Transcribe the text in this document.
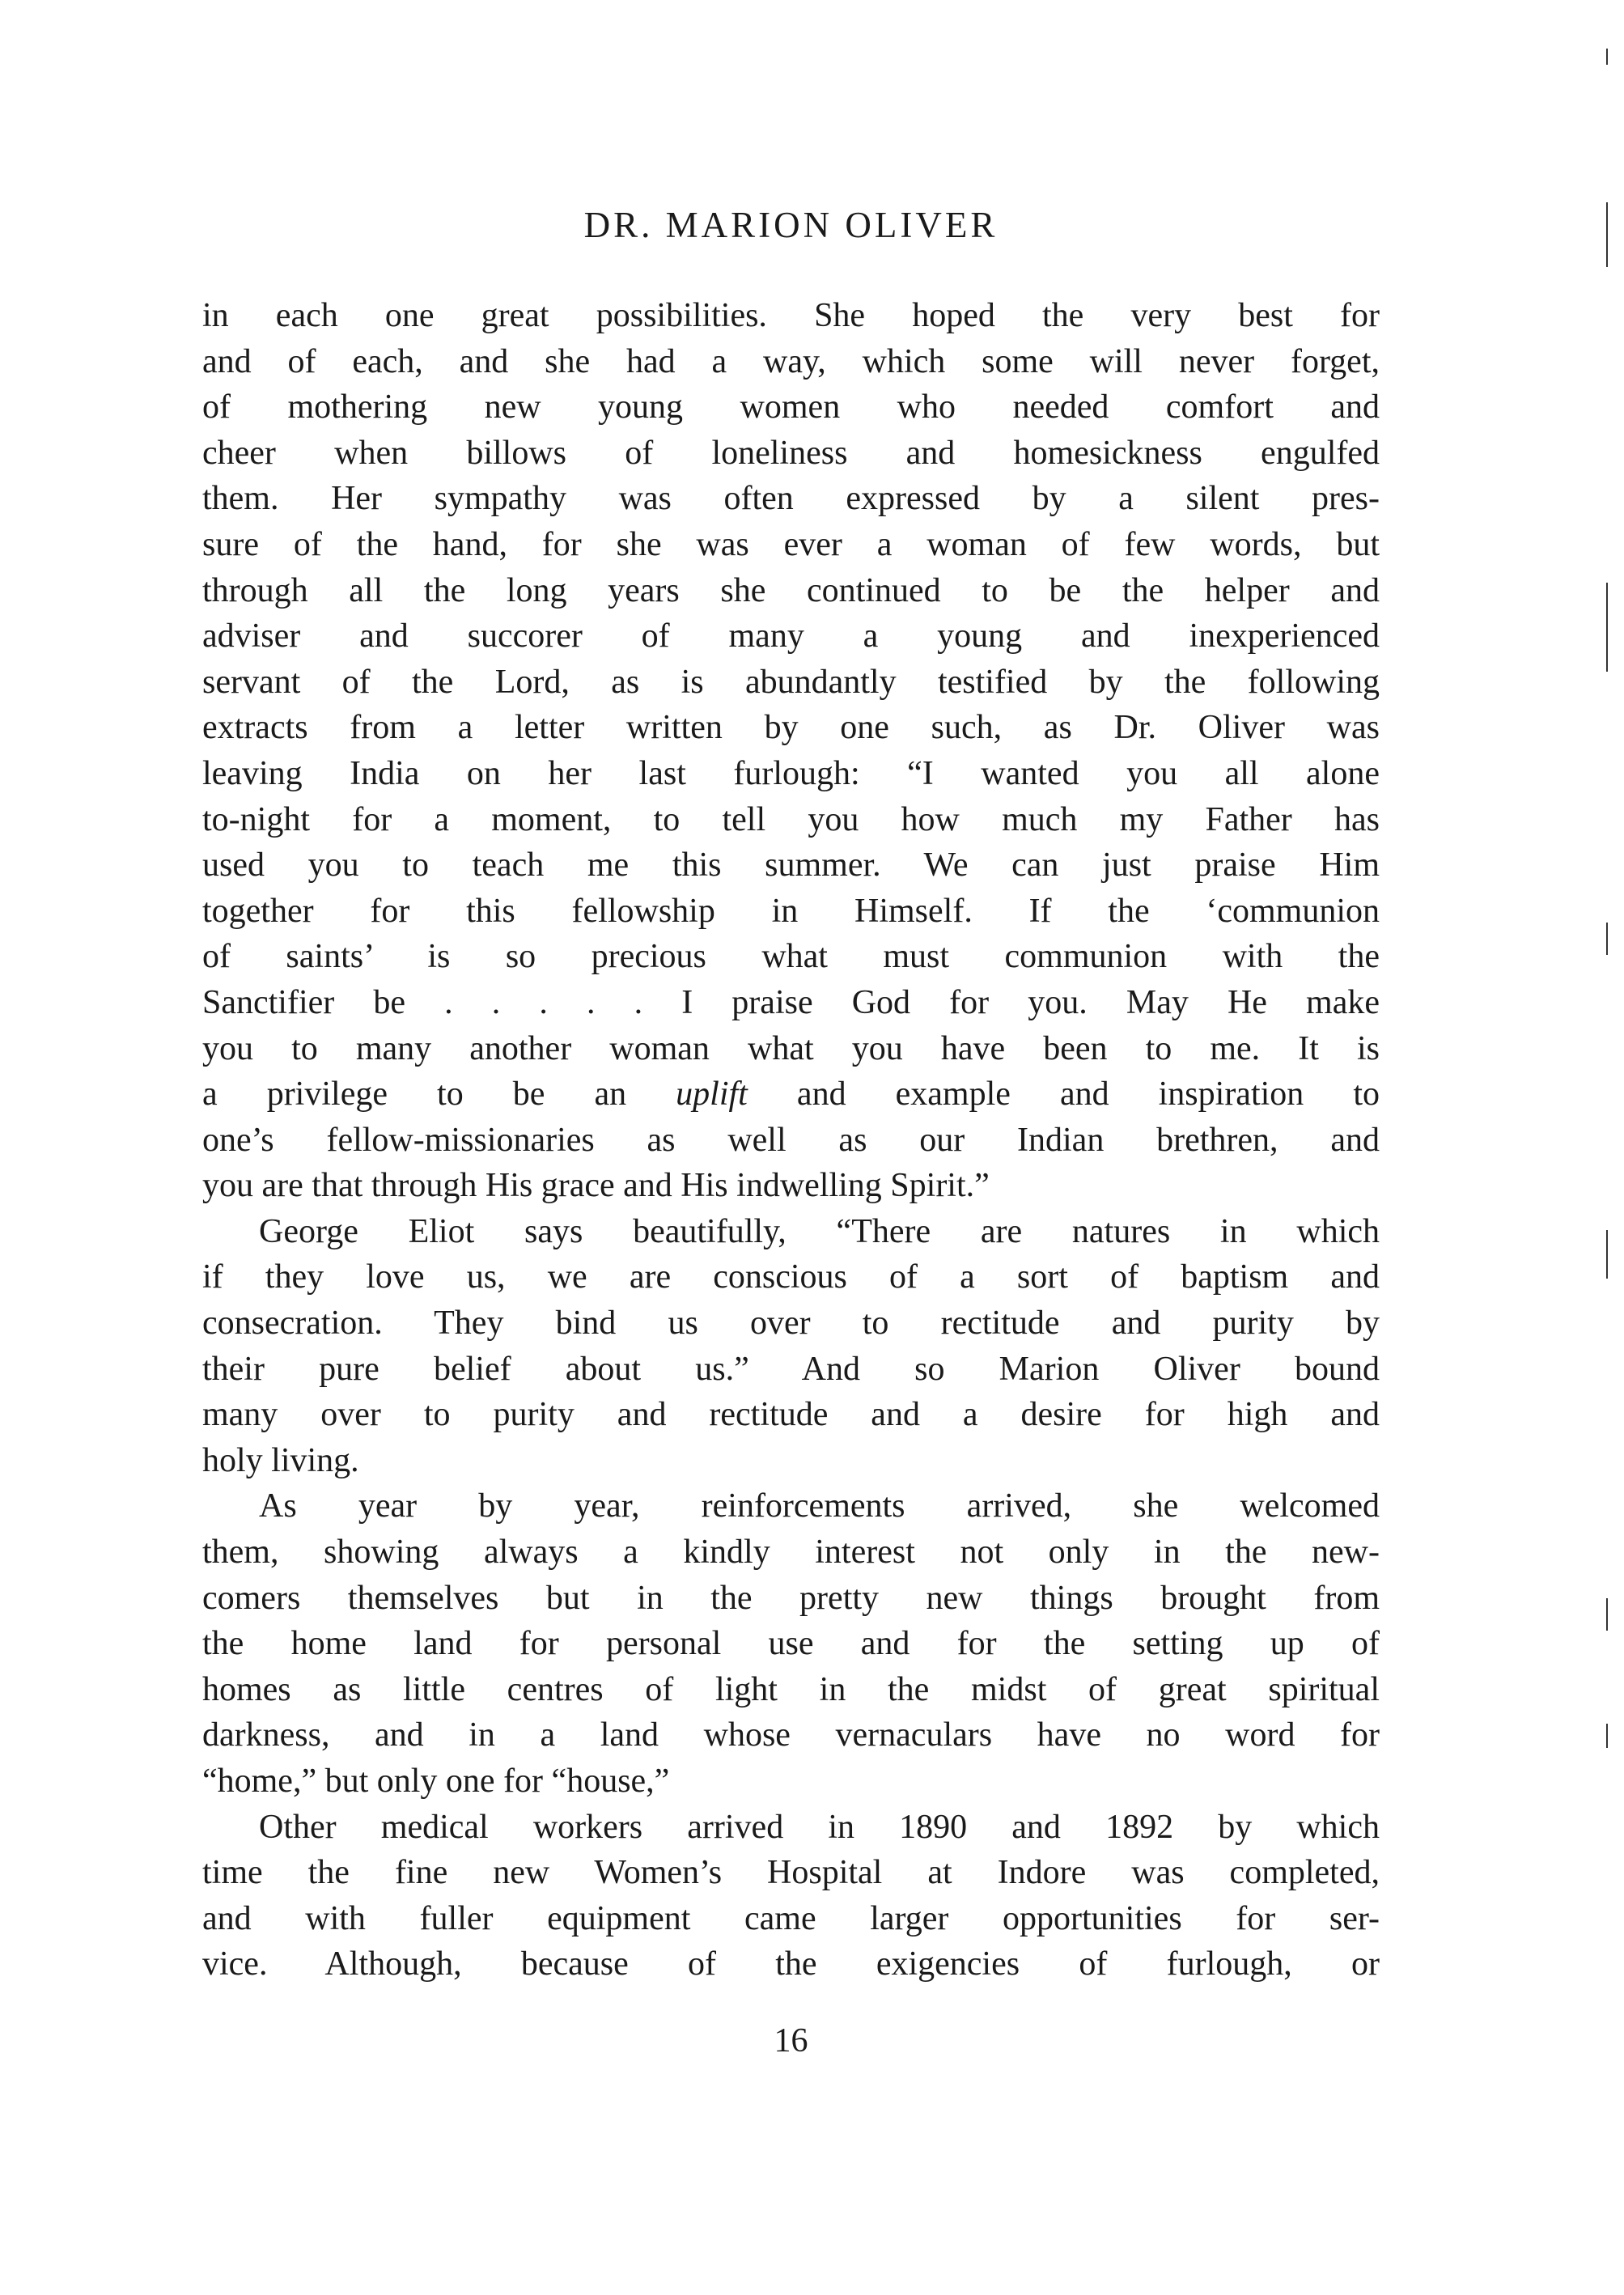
DR. MARION OLIVER
in each one great possibilities. She hoped the very best for
and of each, and she had a way, which some will never forget,
of mothering new young women who needed comfort and
cheer when billows of loneliness and homesickness engulfed
them. Her sympathy was often expressed by a silent pres-
sure of the hand, for she was ever a woman of few words, but
through all the long years she continued to be the helper and
adviser and succorer of many a young and inexperienced
servant of the Lord, as is abundantly testified by the following
extracts from a letter written by one such, as Dr. Oliver was
leaving India on her last furlough: “I wanted you all alone
to-night for a moment, to tell you how much my Father has
used you to teach me this summer. We can just praise Him
together for this fellowship in Himself. If the ‘communion
of saints’ is so precious what must communion with the
Sanctifier be . . . . . I praise God for you. May He make
you to many another woman what you have been to me. It is
a privilege to be an uplift and example and inspiration to
one’s fellow-missionaries as well as our Indian brethren, and
you are that through His grace and His indwelling Spirit.”
George Eliot says beautifully, “There are natures in which
if they love us, we are conscious of a sort of baptism and
consecration. They bind us over to rectitude and purity by
their pure belief about us.” And so Marion Oliver bound
many over to purity and rectitude and a desire for high and
holy living.
As year by year, reinforcements arrived, she welcomed
them, showing always a kindly interest not only in the new-
comers themselves but in the pretty new things brought from
the home land for personal use and for the setting up of
homes as little centres of light in the midst of great spiritual
darkness, and in a land whose vernaculars have no word for
“home,” but only one for “house,”
Other medical workers arrived in 1890 and 1892 by which
time the fine new Women’s Hospital at Indore was completed,
and with fuller equipment came larger opportunities for ser-
vice. Although, because of the exigencies of furlough, or
16
